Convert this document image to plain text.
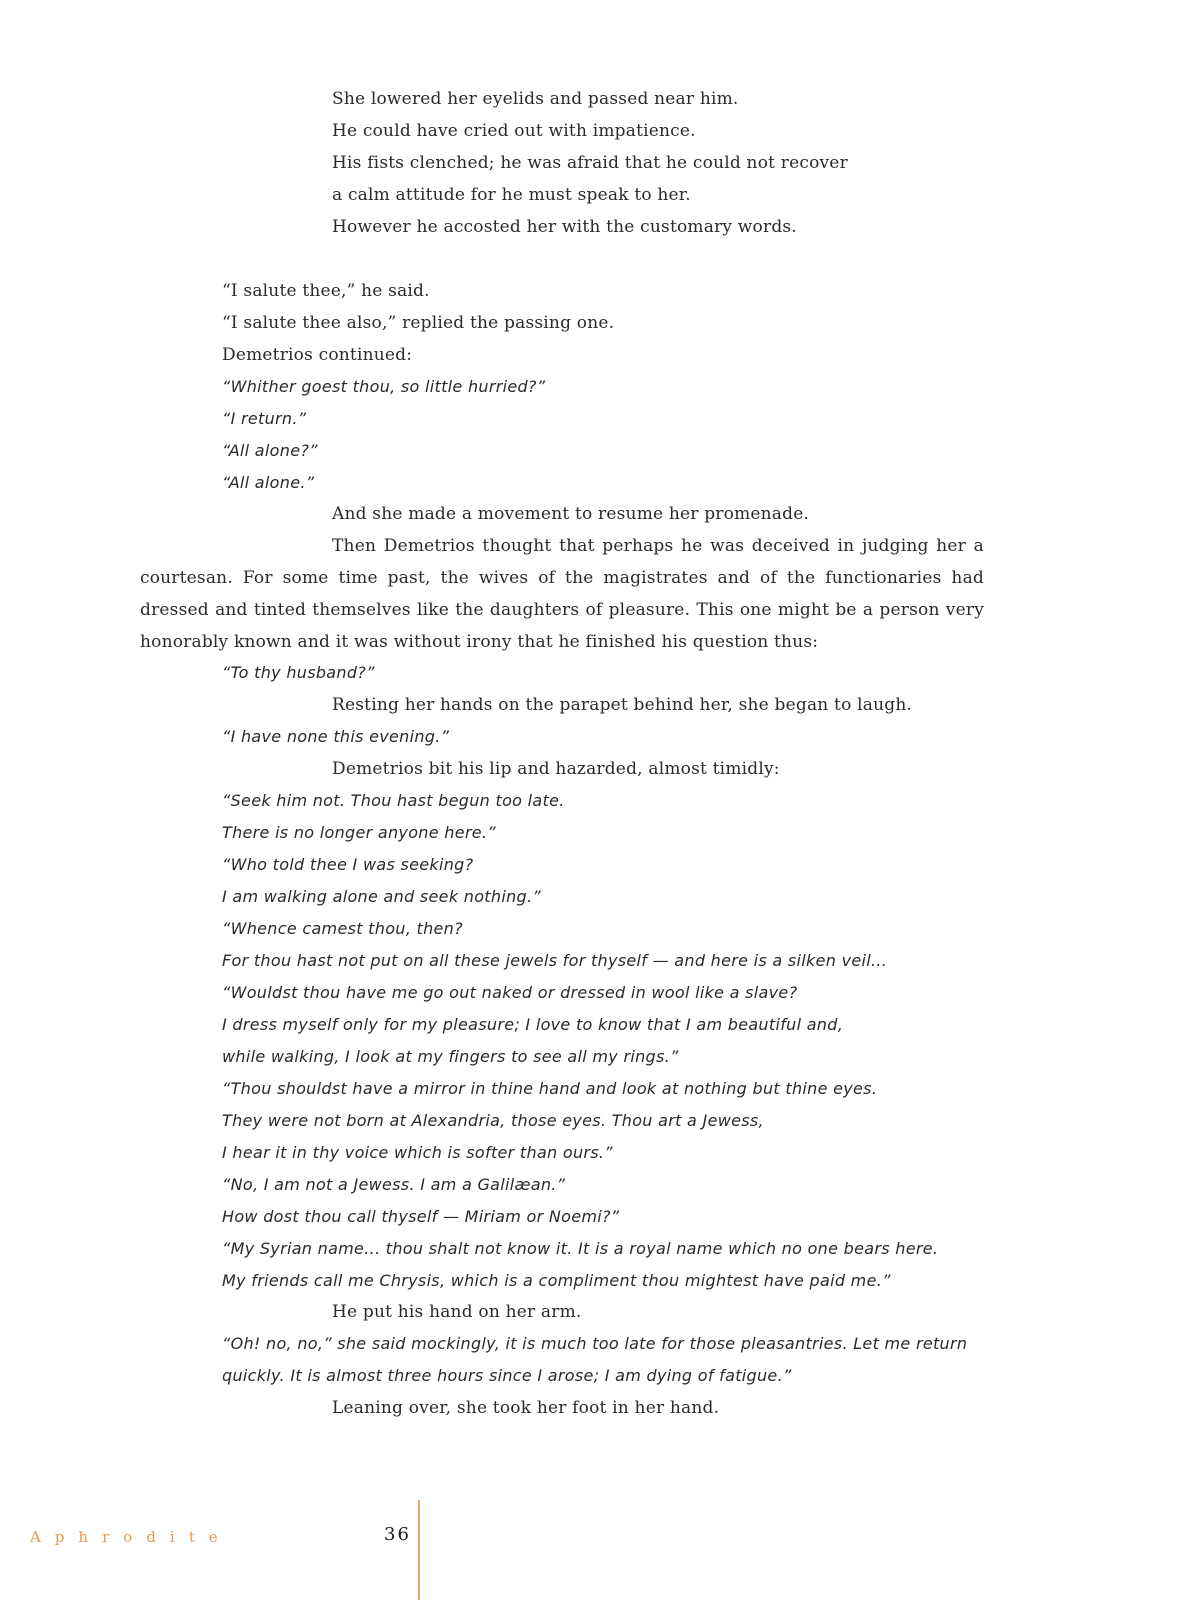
She lowered her eyelids and passed near him.
He could have cried out with impatience.
His fists clenched; he was afraid that he could not recover
a calm attitude for he must speak to her.
However he accosted her with the customary words.
“I salute thee,” he said.
“I salute thee also,” replied the passing one.
Demetrios continued:
“Whither goest thou, so little hurried?”
“I return.”
“All alone?”
“All alone.”
And she made a movement to resume her promenade.
Then Demetrios thought that perhaps he was deceived in judging her a
courtesan. For some time past, the wives of the magistrates and of the functionaries had
dressed and tinted themselves like the daughters of pleasure. This one might be a person very
honorably known and it was without irony that he finished his question thus:
“To thy husband?”
Resting her hands on the parapet behind her, she began to laugh.
“I have none this evening.”
Demetrios bit his lip and hazarded, almost timidly:
“Seek him not. Thou hast begun too late.
There is no longer anyone here.”
“Who told thee I was seeking?
I am walking alone and seek nothing.”
“Whence camest thou, then?
For thou hast not put on all these jewels for thyself — and here is a silken veil...
“Wouldst thou have me go out naked or dressed in wool like a slave?
I dress myself only for my pleasure; I love to know that I am beautiful and,
while walking, I look at my fingers to see all my rings.”
“Thou shouldst have a mirror in thine hand and look at nothing but thine eyes.
They were not born at Alexandria, those eyes. Thou art a Jewess,
I hear it in thy voice which is softer than ours.”
“No, I am not a Jewess. I am a Galilæan.”
How dost thou call thyself — Miriam or Noemi?”
“My Syrian name... thou shalt not know it. It is a royal name which no one bears here.
My friends call me Chrysis, which is a compliment thou mightest have paid me.”
He put his hand on her arm.
“Oh! no, no,” she said mockingly, it is much too late for those pleasantries. Let me return
quickly. It is almost three hours since I arose; I am dying of fatigue.”
Leaning over, she took her foot in her hand.
Aphrodite	36
